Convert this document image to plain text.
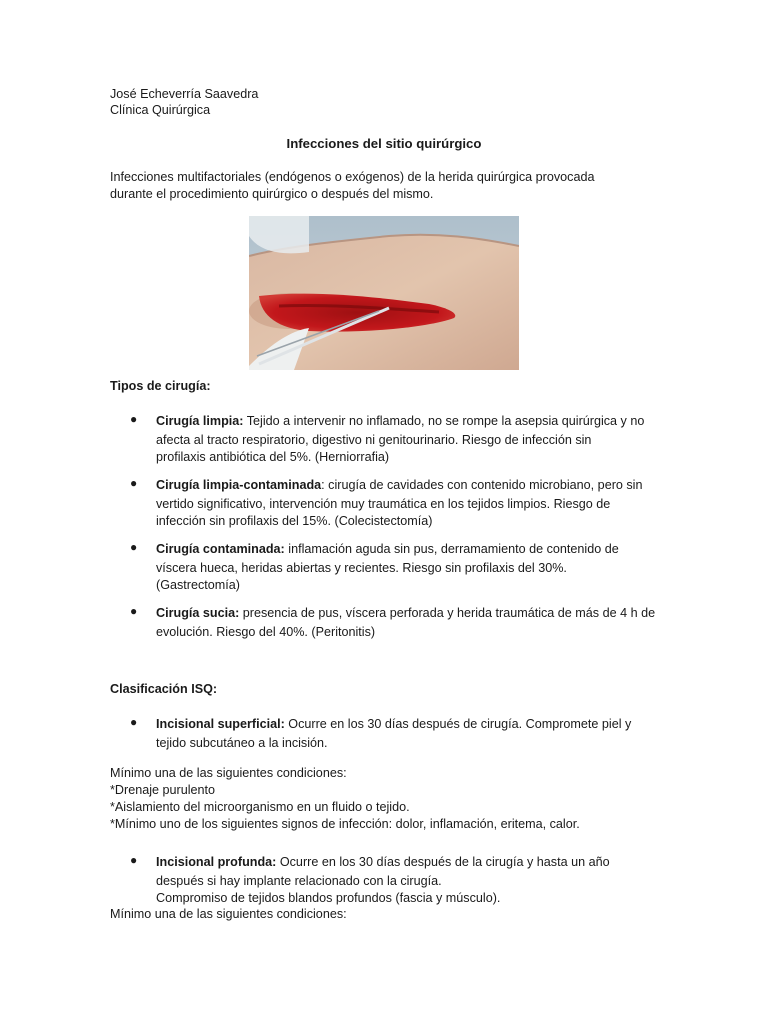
José Echeverría Saavedra
Clínica Quirúrgica
Infecciones del sitio quirúrgico
Infecciones multifactoriales (endógenos o exógenos) de la herida quirúrgica provocada
durante el procedimiento quirúrgico o después del mismo.
Tipos de cirugía:
● Cirugía limpia: Tejido a intervenir no inflamado, no se rompe la asepsia quirúrgica y no
afecta al tracto respiratorio, digestivo ni genitourinario. Riesgo de infección sin
profilaxis antibiótica del 5%. (Herniorrafia)
● Cirugía limpia-contaminada: cirugía de cavidades con contenido microbiano, pero sin
vertido significativo, intervención muy traumática en los tejidos limpios. Riesgo de
infección sin profilaxis del 15%. (Colecistectomía)
● Cirugía contaminada: inflamación aguda sin pus, derramamiento de contenido de
víscera hueca, heridas abiertas y recientes. Riesgo sin profilaxis del 30%.
(Gastrectomía)
● Cirugía sucia: presencia de pus, víscera perforada y herida traumática de más de 4 h de
evolución. Riesgo del 40%. (Peritonitis)
Clasificación ISQ:
● Incisional superficial: Ocurre en los 30 días después de cirugía. Compromete piel y
tejido subcutáneo a la incisión.
Mínimo una de las siguientes condiciones:
*Drenaje purulento
*Aislamiento del microorganismo en un fluido o tejido.
*Mínimo uno de los siguientes signos de infección: dolor, inflamación, eritema, calor.
● Incisional profunda: Ocurre en los 30 días después de la cirugía y hasta un año
después si hay implante relacionado con la cirugía.
Compromiso de tejidos blandos profundos (fascia y músculo).
Mínimo una de las siguientes condiciones:
